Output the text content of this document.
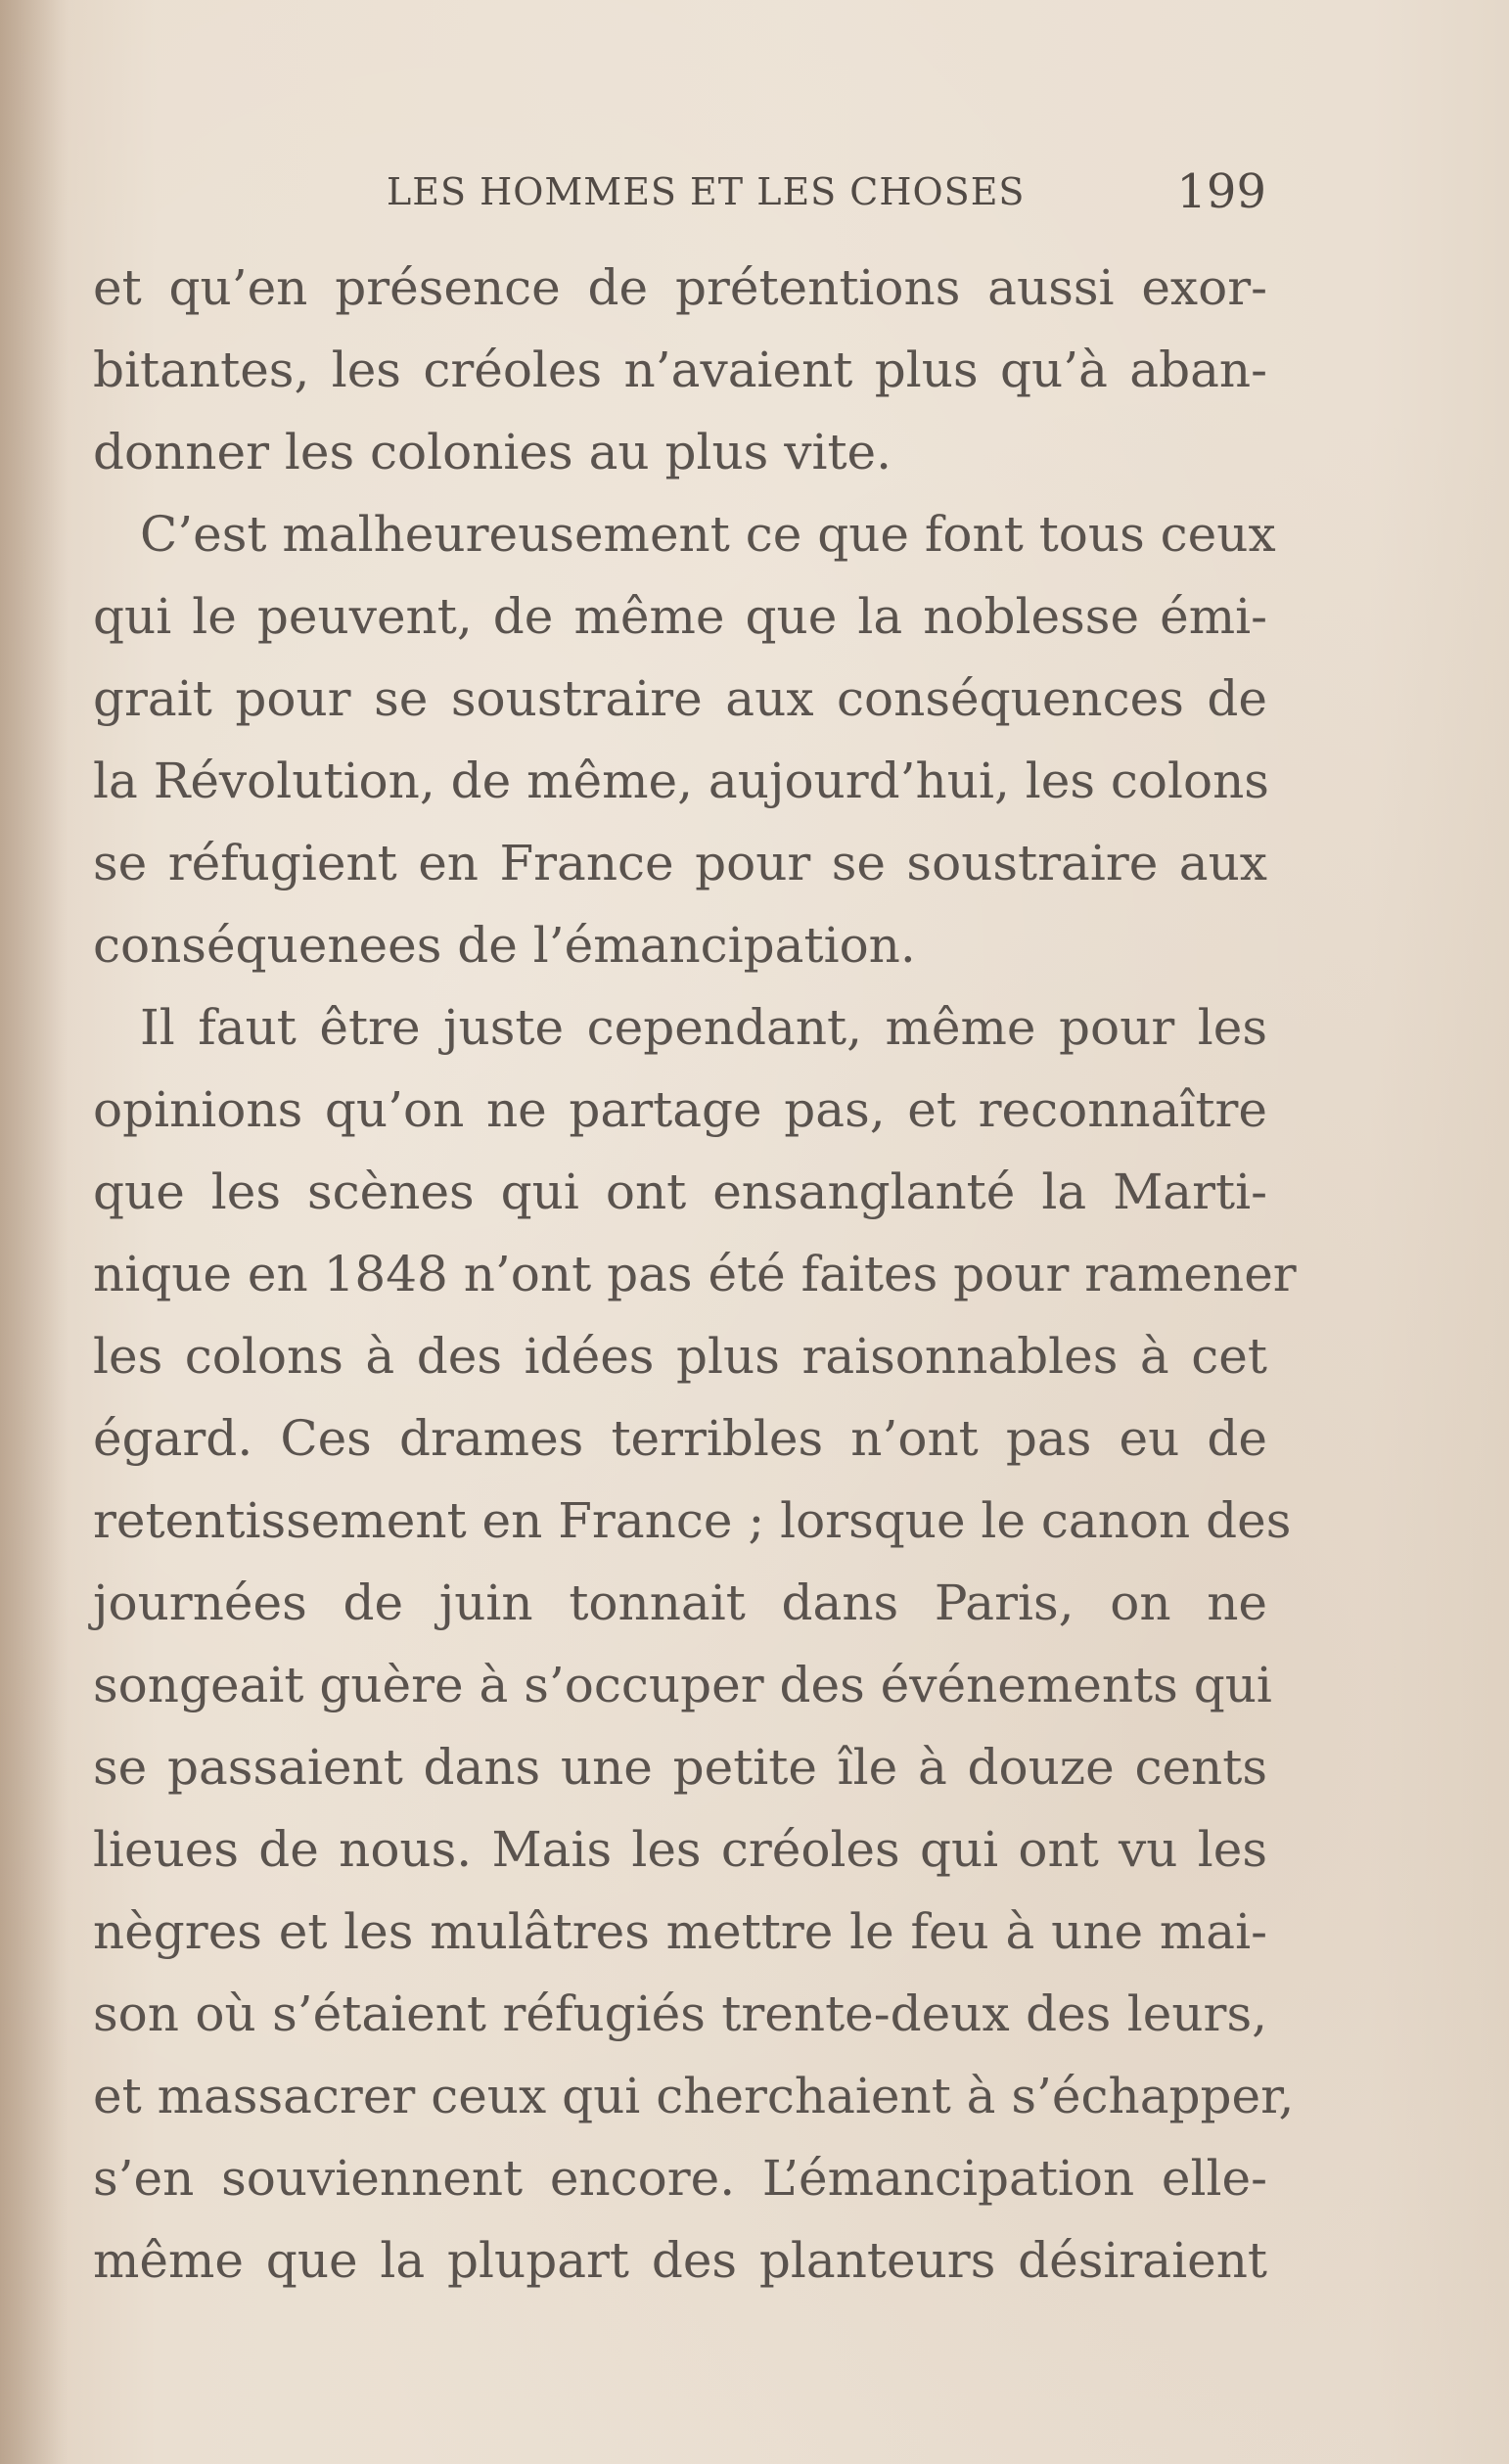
LES HOMMES ET LES CHOSES	199
et qu’en présence de prétentions aussi exor-
bitantes, les créoles n’avaient plus qu’à aban-
donner les colonies au plus vite.
C’est malheureusement ce que font tous ceux
qui le peuvent, de même que la noblesse émi-
grait pour se soustraire aux conséquences de
la Révolution, de même, aujourd’hui, les colons
se réfugient en France pour se soustraire aux
conséquenees de l’émancipation.
Il faut être juste cependant, même pour les
opinions qu’on ne partage pas, et reconnaître
que les scènes qui ont ensanglanté la Marti-
nique en 1848 n’ont pas été faites pour ramener
les colons à des idées plus raisonnables à cet
égard. Ces drames terribles n’ont pas eu de
retentissement en France ; lorsque le canon des
journées de juin tonnait dans Paris, on ne
songeait guère à s’occuper des événements qui
se passaient dans une petite île à douze cents
lieues de nous. Mais les créoles qui ont vu les
nègres et les mulâtres mettre le feu à une mai-
son où s’étaient réfugiés trente-deux des leurs,
et massacrer ceux qui cherchaient à s’échapper,
s’en souviennent encore. L’émancipation elle-
même que la plupart des planteurs désiraient
